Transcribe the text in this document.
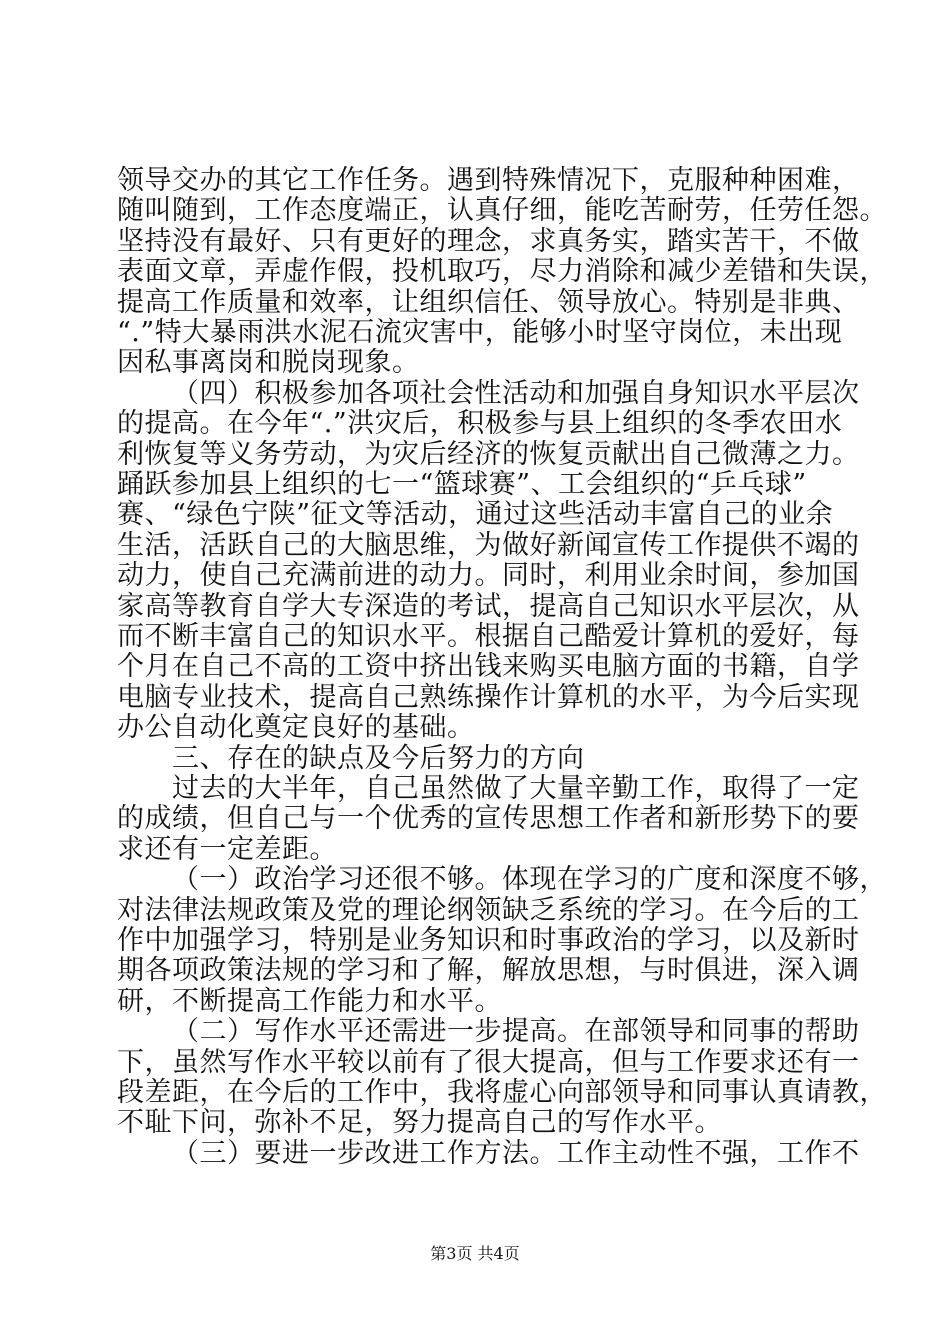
领导交办的其它工作任务。遇到特殊情况下，克服种种困难，
随叫随到，工作态度端正，认真仔细，能吃苦耐劳，任劳任怨。
坚持没有最好、只有更好的理念，求真务实，踏实苦干，不做
表面文章，弄虚作假，投机取巧，尽力消除和减少差错和失误，
提高工作质量和效率，让组织信任、领导放心。特别是非典、
“.”特大暴雨洪水泥石流灾害中，能够小时坚守岗位，未出现
因私事离岗和脱岗现象。
（四）积极参加各项社会性活动和加强自身知识水平层次
的提高。在今年“.”洪灾后，积极参与县上组织的冬季农田水
利恢复等义务劳动，为灾后经济的恢复贡献出自己微薄之力。
踊跃参加县上组织的七一“篮球赛”、工会组织的“乒乓球”
赛、“绿色宁陕”征文等活动，通过这些活动丰富自己的业余
生活，活跃自己的大脑思维，为做好新闻宣传工作提供不竭的
动力，使自己充满前进的动力。同时，利用业余时间，参加国
家高等教育自学大专深造的考试，提高自己知识水平层次，从
而不断丰富自己的知识水平。根据自己酷爱计算机的爱好，每
个月在自己不高的工资中挤出钱来购买电脑方面的书籍，自学
电脑专业技术，提高自己熟练操作计算机的水平，为今后实现
办公自动化奠定良好的基础。
三、存在的缺点及今后努力的方向
过去的大半年，自己虽然做了大量辛勤工作，取得了一定
的成绩，但自己与一个优秀的宣传思想工作者和新形势下的要
求还有一定差距。
（一）政治学习还很不够。体现在学习的广度和深度不够，
对法律法规政策及党的理论纲领缺乏系统的学习。在今后的工
作中加强学习，特别是业务知识和时事政治的学习，以及新时
期各项政策法规的学习和了解，解放思想，与时俱进，深入调
研，不断提高工作能力和水平。
（二）写作水平还需进一步提高。在部领导和同事的帮助
下，虽然写作水平较以前有了很大提高，但与工作要求还有一
段差距，在今后的工作中，我将虚心向部领导和同事认真请教，
不耻下问，弥补不足，努力提高自己的写作水平。
（三）要进一步改进工作方法。工作主动性不强，工作不
第3页 共4页
